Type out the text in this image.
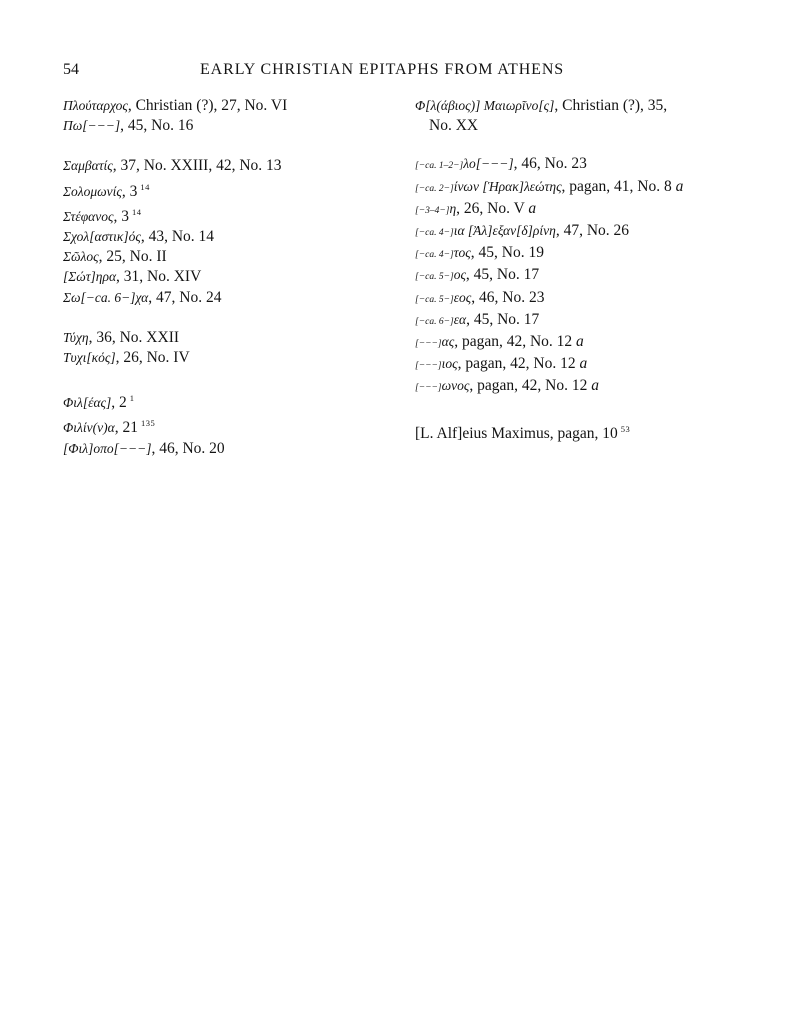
54	EARLY CHRISTIAN EPITAPHS FROM ATHENS
Πλούταρχος, Christian (?), 27, No. VI
Πω[−−−], 45, No. 16
Σαμβατίς, 37, No. XXIII, 42, No. 13
Σολομωνίς, 3 $^{14}$
Στέφανος, 3 $^{14}$
Σχολ[αστικ]ός, 43, No. 14
Σῶλος, 25, No. II
[Σώτ]ηρα, 31, No. XIV
Σω[−ca. 6−]χα, 47, No. 24
Τύχη, 36, No. XXII
Τυχι[κός], 26, No. IV
Φιλ[έας], 2 $^1$
Φιλίν(ν)α, 21 $^{135}$
[Φιλ]οπο[−−−], 46, No. 20
Φ[λ(άβιος)] Μαιωρῖνο[ς], Christian (?), 35,
No. XX
[−ca. 1–2−]λο[−−−], 46, No. 23
[−ca. 2−]ίνων [Ἡρακ]λεώτης, pagan, 41, No. 8 a
[−3–4−]η, 26, No. V a
[−ca. 4−]ια [Ἀλ]εξαν[δ]ρίνη, 47, No. 26
[−ca. 4−]τος, 45, No. 19
[−ca. 5−]ος, 45, No. 17
[−ca. 5−]εος, 46, No. 23
[−ca. 6−]εα, 45, No. 17
[−−−]ας, pagan, 42, No. 12 a
[−−−]ιος, pagan, 42, No. 12 a
[−−−]ωνος, pagan, 42, No. 12 a
[L. Alf]eius Maximus, pagan, 10 $^{53}$
